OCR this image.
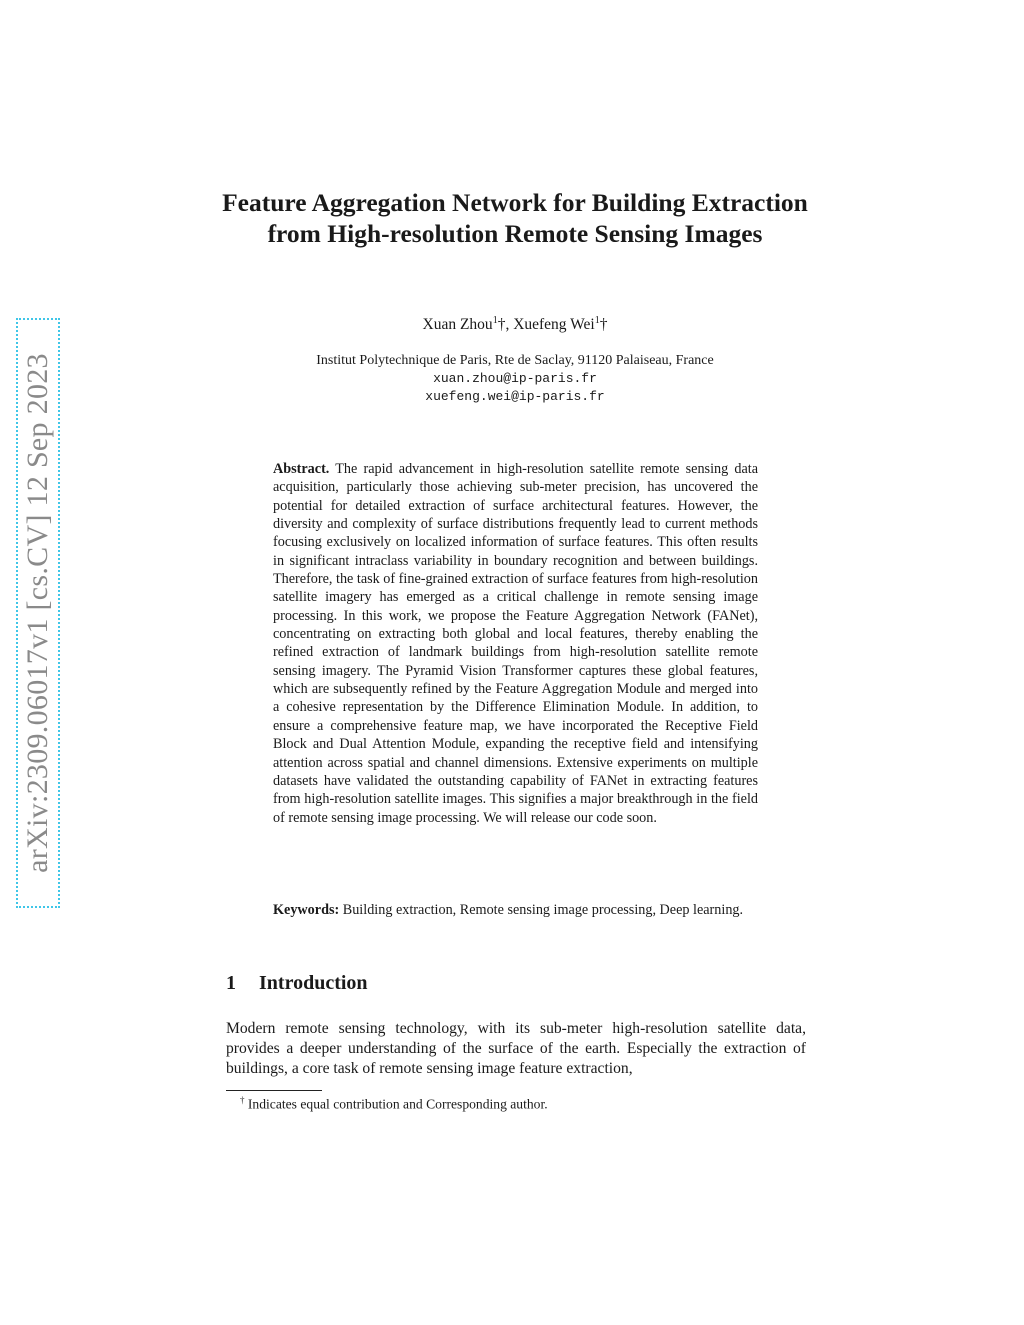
arXiv:2309.06017v1 [cs.CV] 12 Sep 2023
Feature Aggregation Network for Building Extraction from High-resolution Remote Sensing Images
Xuan Zhou$^1$†, Xuefeng Wei$^1$†
Institut Polytechnique de Paris, Rte de Saclay, 91120 Palaiseau, France
xuan.zhou@ip-paris.fr
xuefeng.wei@ip-paris.fr

Abstract. The rapid advancement in high-resolution satellite remote sensing data acquisition, particularly those achieving sub-meter precision, has uncovered the potential for detailed extraction of surface architectural features. However, the diversity and complexity of surface distributions frequently lead to current methods focusing exclusively on localized information of surface features. This often results in significant intraclass variability in boundary recognition and between buildings. Therefore, the task of fine-grained extraction of surface features from high-resolution satellite imagery has emerged as a critical challenge in remote sensing image processing. In this work, we propose the Feature Aggregation Network (FANet), concentrating on extracting both global and local features, thereby enabling the refined extraction of landmark buildings from high-resolution satellite remote sensing imagery. The Pyramid Vision Transformer captures these global features, which are subsequently refined by the Feature Aggregation Module and merged into a cohesive representation by the Difference Elimination Module. In addition, to ensure a comprehensive feature map, we have incorporated the Receptive Field Block and Dual Attention Module, expanding the receptive field and intensifying attention across spatial and channel dimensions. Extensive experiments on multiple datasets have validated the outstanding capability of FANet in extracting features from high-resolution satellite images. This signifies a major breakthrough in the field of remote sensing image processing. We will release our code soon.

Keywords: Building extraction, Remote sensing image processing, Deep learning.

1 Introduction

Modern remote sensing technology, with its sub-meter high-resolution satellite data, provides a deeper understanding of the surface of the earth. Especially the extraction of buildings, a core task of remote sensing image feature extraction,

† Indicates equal contribution and Corresponding author.
